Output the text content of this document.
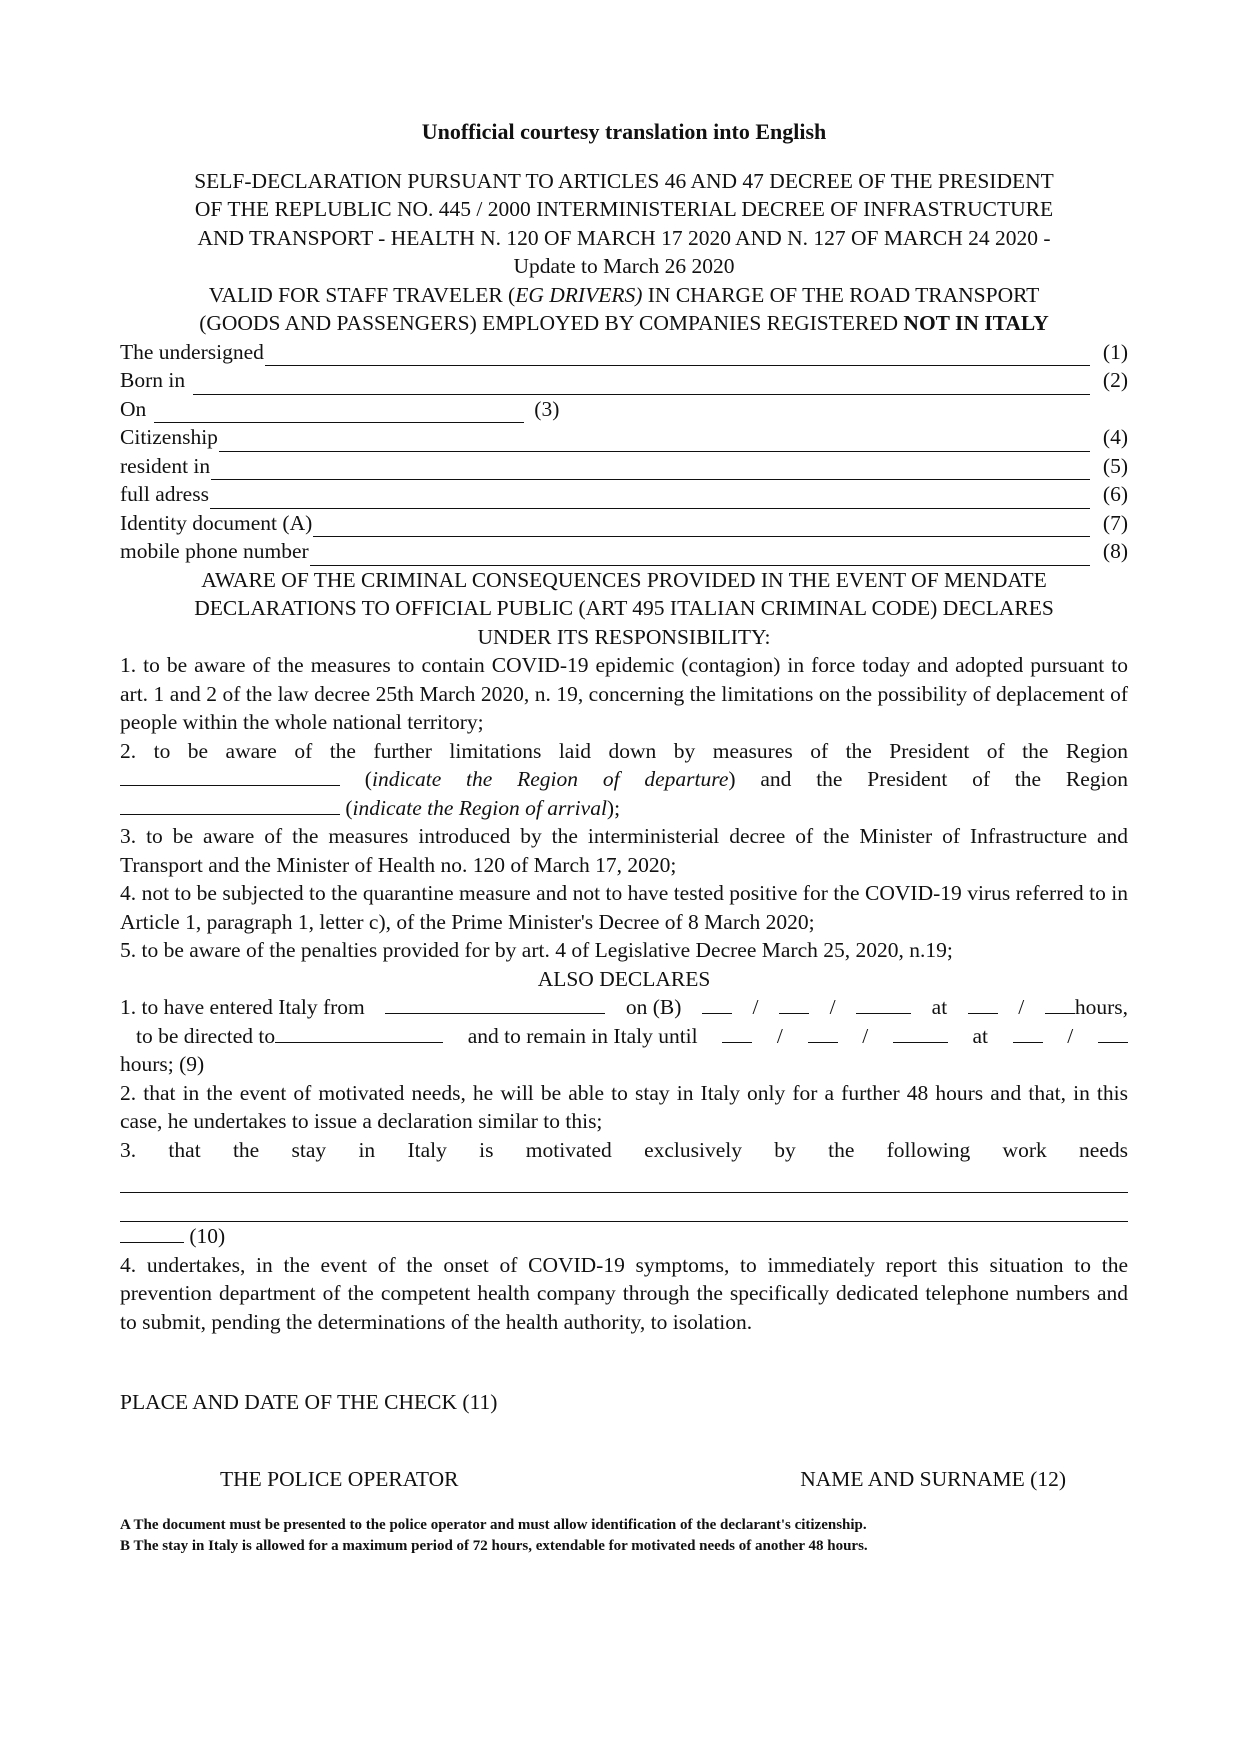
Unofficial courtesy translation into English
SELF-DECLARATION PURSUANT TO ARTICLES 46 AND 47 DECREE OF THE PRESIDENT
OF THE REPLUBLIC NO. 445 / 2000 INTERMINISTERIAL DECREE OF INFRASTRUCTURE
AND TRANSPORT - HEALTH N. 120 OF MARCH 17 2020 AND N. 127 OF MARCH 24 2020 -
Update to March 26 2020
VALID FOR STAFF TRAVELER (EG DRIVERS) IN CHARGE OF THE ROAD TRANSPORT
(GOODS AND PASSENGERS) EMPLOYED BY COMPANIES REGISTERED NOT IN ITALY
The undersigned	(1)
Born in	(2)
On	(3)
Citizenship	(4)
resident in	(5)
full adress	(6)
Identity document (A)	(7)
mobile phone number	(8)
AWARE OF THE CRIMINAL CONSEQUENCES PROVIDED IN THE EVENT OF MENDATE
DECLARATIONS TO OFFICIAL PUBLIC (ART 495 ITALIAN CRIMINAL CODE) DECLARES
UNDER ITS RESPONSIBILITY:
1. to be aware of the measures to contain COVID-19 epidemic (contagion) in force today and adopted pursuant to art. 1 and 2 of the law decree 25th March 2020, n. 19, concerning the limitations on the possibility of deplacement of people within the whole national territory;
2. to be aware of the further limitations laid down by measures of the President of the Region  (indicate the Region of departure) and the President of the Region  (indicate the Region of arrival);
3. to be aware of the measures introduced by the interministerial decree of the Minister of Infrastructure and Transport and the Minister of Health no. 120 of March 17, 2020;
4. not to be subjected to the quarantine measure and not to have tested positive for the COVID-19 virus referred to in Article 1, paragraph 1, letter c), of the Prime Minister's Decree of 8 March 2020;
5. to be aware of the penalties provided for by art. 4 of Legislative Decree March 25, 2020, n.19;
ALSO DECLARES
1. to have entered Italy from	on (B)	/	/	at	/	hours,
to be directed to	and to remain in Italy until	/	/	at	/
hours; (9)
2. that in the event of motivated needs, he will be able to stay in Italy only for a further 48 hours and that, in this case, he undertakes to issue a declaration similar to this;
3. that the stay in Italy is motivated exclusively by the following work needs
(10)
4. undertakes, in the event of the onset of COVID-19 symptoms, to immediately report this situation to the prevention department of the competent health company through the specifically dedicated telephone numbers and to submit, pending the determinations of the health authority, to isolation.
PLACE AND DATE OF THE CHECK (11)
THE POLICE OPERATOR	NAME AND SURNAME (12)
A The document must be presented to the police operator and must allow identification of the declarant's citizenship.
B The stay in Italy is allowed for a maximum period of 72 hours, extendable for motivated needs of another 48 hours.
